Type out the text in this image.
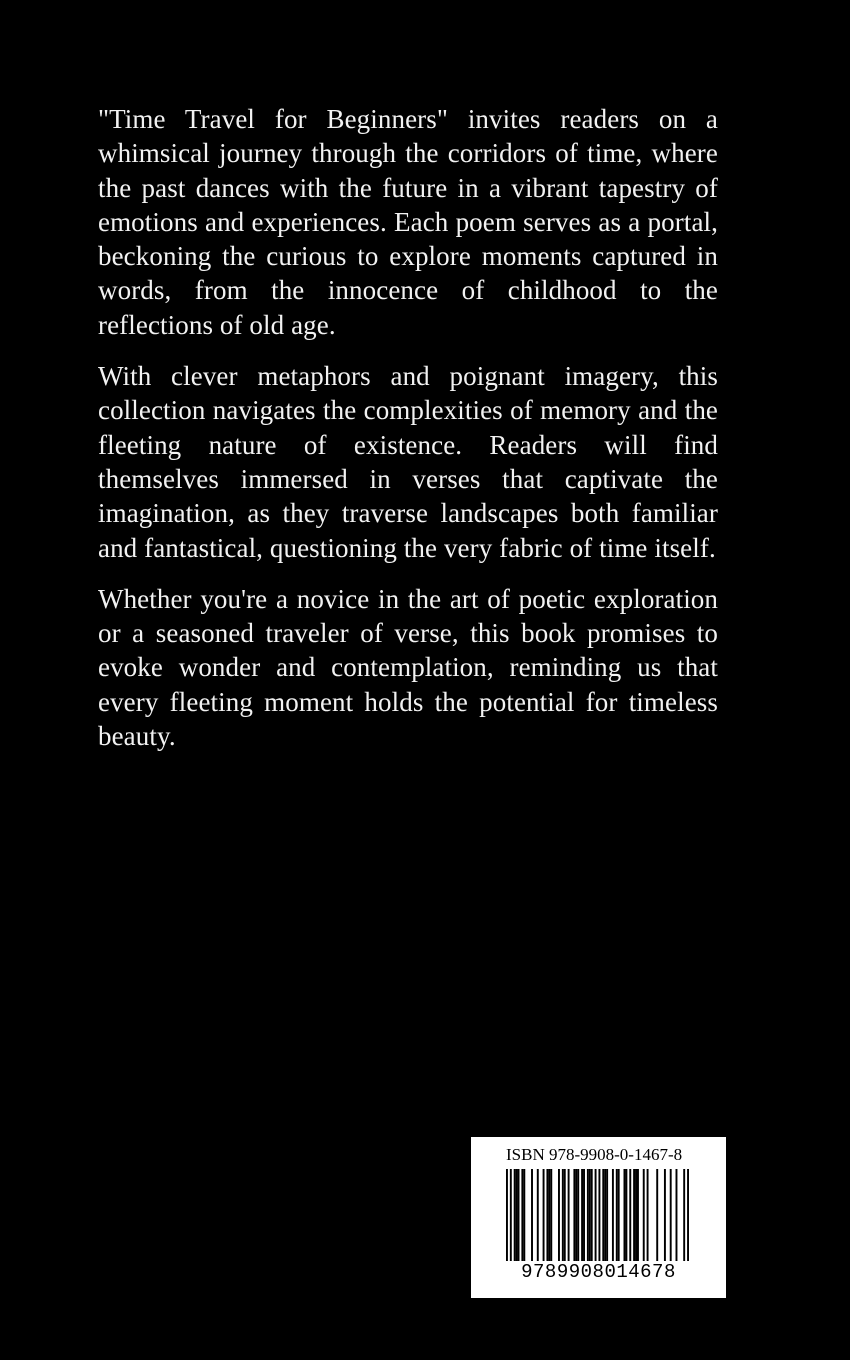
"Time Travel for Beginners" invites readers on a whimsical journey through the corridors of time, where the past dances with the future in a vibrant tapestry of emotions and experiences. Each poem serves as a portal, beckoning the curious to explore moments captured in words, from the innocence of childhood to the reflections of old age.

With clever metaphors and poignant imagery, this collection navigates the complexities of memory and the fleeting nature of existence. Readers will find themselves immersed in verses that captivate the imagination, as they traverse landscapes both familiar and fantastical, questioning the very fabric of time itself.

Whether you're a novice in the art of poetic exploration or a seasoned traveler of verse, this book promises to evoke wonder and contemplation, reminding us that every fleeting moment holds the potential for timeless beauty.

ISBN 978-9908-0-1467-8
9789908014678
